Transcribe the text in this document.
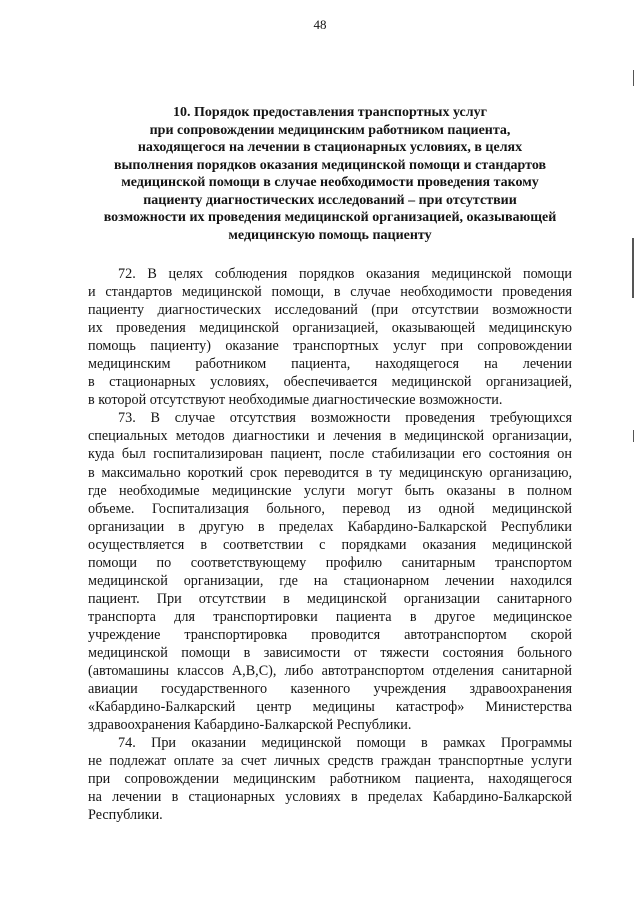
48
10. Порядок предоставления транспортных услуг
при сопровождении медицинским работником пациента,
находящегося на лечении в стационарных условиях, в целях
выполнения порядков оказания медицинской помощи и стандартов
медицинской помощи в случае необходимости проведения такому
пациенту диагностических исследований – при отсутствии
возможности их проведения медицинской организацией, оказывающей
медицинскую помощь пациенту
72. В целях соблюдения порядков оказания медицинской помощи
и стандартов медицинской помощи, в случае необходимости проведения
пациенту диагностических исследований (при отсутствии возможности
их проведения медицинской организацией, оказывающей медицинскую
помощь пациенту) оказание транспортных услуг при сопровождении
медицинским работником пациента, находящегося на лечении
в стационарных условиях, обеспечивается медицинской организацией,
в которой отсутствуют необходимые диагностические возможности.
73. В случае отсутствия возможности проведения требующихся
специальных методов диагностики и лечения в медицинской организации,
куда был госпитализирован пациент, после стабилизации его состояния он
в максимально короткий срок переводится в ту медицинскую организацию,
где необходимые медицинские услуги могут быть оказаны в полном
объеме. Госпитализация больного, перевод из одной медицинской
организации в другую в пределах Кабардино-Балкарской Республики
осуществляется в соответствии с порядками оказания медицинской
помощи по соответствующему профилю санитарным транспортом
медицинской организации, где на стационарном лечении находился
пациент. При отсутствии в медицинской организации санитарного
транспорта для транспортировки пациента в другое медицинское
учреждение транспортировка проводится автотранспортом скорой
медицинской помощи в зависимости от тяжести состояния больного
(автомашины классов А,В,С), либо автотранспортом отделения санитарной
авиации государственного казенного учреждения здравоохранения
«Кабардино-Балкарский центр медицины катастроф» Министерства
здравоохранения Кабардино-Балкарской Республики.
74. При оказании медицинской помощи в рамках Программы
не подлежат оплате за счет личных средств граждан транспортные услуги
при сопровождении медицинским работником пациента, находящегося
на лечении в стационарных условиях в пределах Кабардино-Балкарской
Республики.
